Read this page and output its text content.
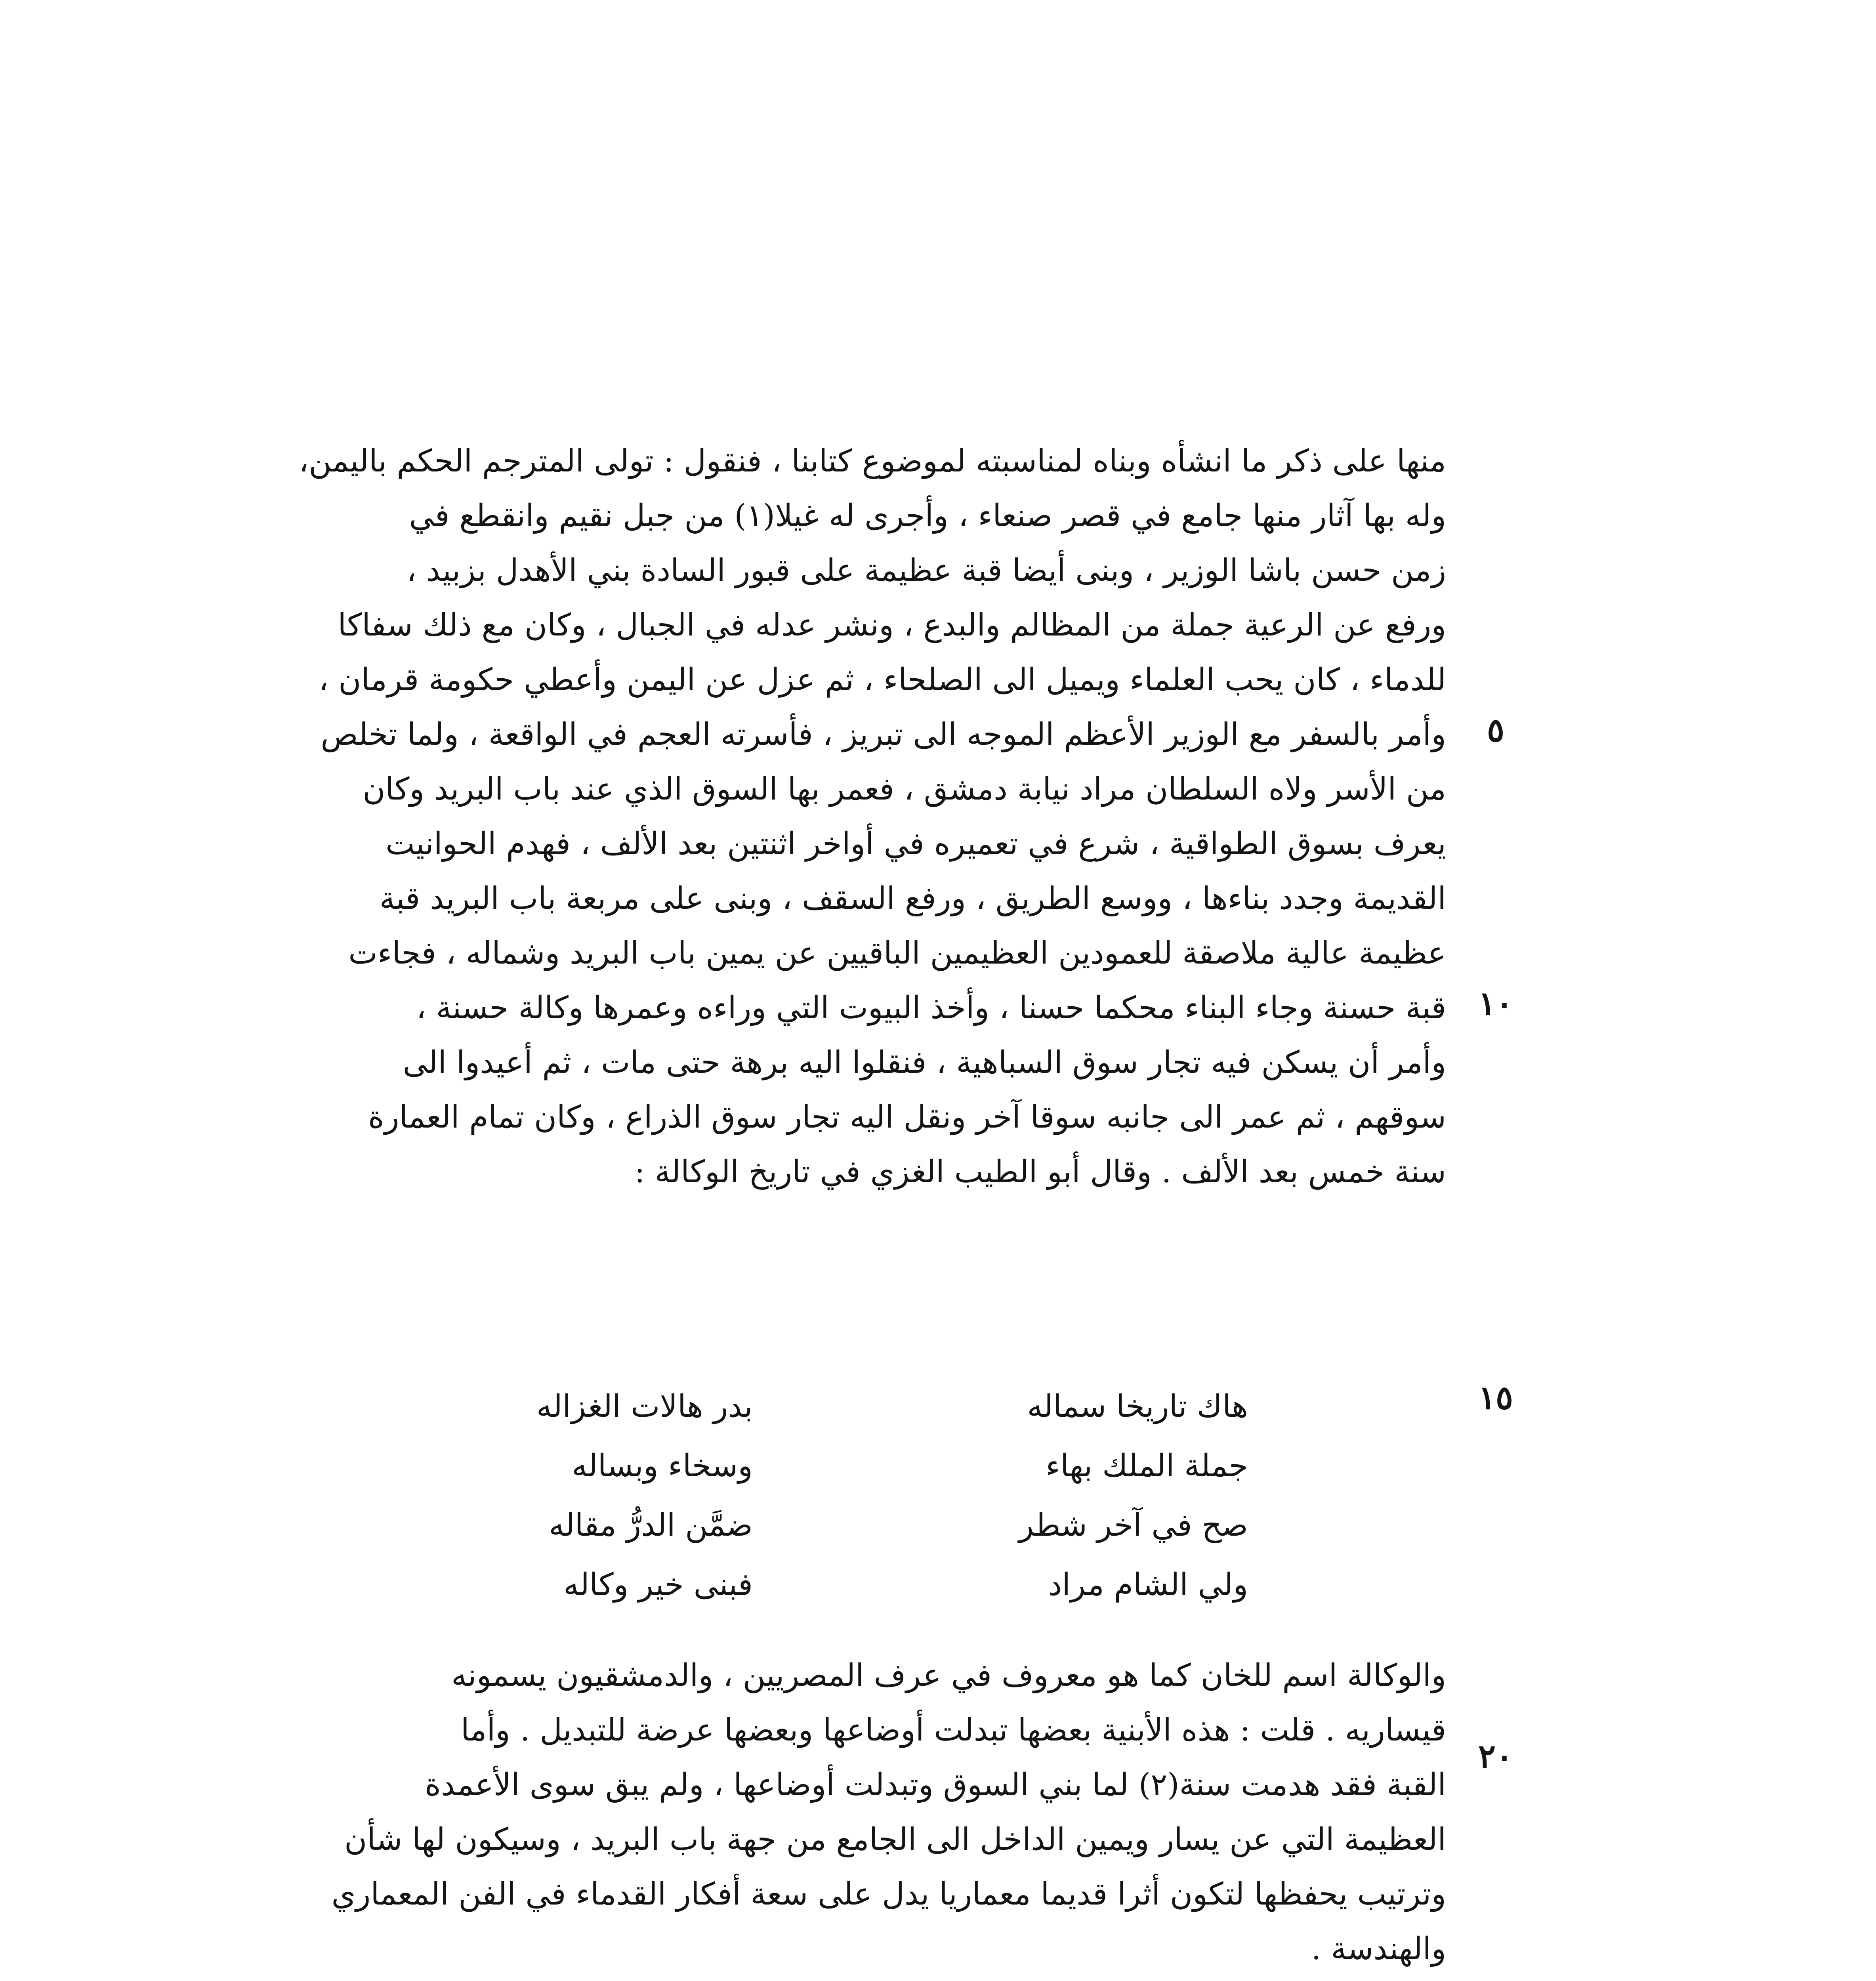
منها على ذكر ما انشأه وبناه لمناسبته لموضوع كتابنا ، فنقول : تولى المترجم الحكم باليمن،
وله بها آثار منها جامع في قصر صنعاء ، وأجرى له غيلا(١) من جبل نقيم وانقطع في
زمن حسن باشا الوزير ، وبنى أيضا قبة عظيمة على قبور السادة بني الأهدل بزبيد ،
ورفع عن الرعية جملة من المظالم والبدع ، ونشر عدله في الجبال ، وكان مع ذلك سفاكا
للدماء ، كان يحب العلماء ويميل الى الصلحاء ، ثم عزل عن اليمن وأعطي حكومة قرمان ،
وأمر بالسفر مع الوزير الأعظم الموجه الى تبريز ، فأسرته العجم في الواقعة ، ولما تخلص
من الأسر ولاه السلطان مراد نيابة دمشق ، فعمر بها السوق الذي عند باب البريد وكان
يعرف بسوق الطواقية ، شرع في تعميره في أواخر اثنتين بعد الألف ، فهدم الحوانيت
القديمة وجدد بناءها ، ووسع الطريق ، ورفع السقف ، وبنى على مربعة باب البريد قبة
عظيمة عالية ملاصقة للعمودين العظيمين الباقيين عن يمين باب البريد وشماله ، فجاءت
قبة حسنة وجاء البناء محكما حسنا ، وأخذ البيوت التي وراءه وعمرها وكالة حسنة ،
وأمر أن يسكن فيه تجار سوق السباهية ، فنقلوا اليه برهة حتى مات ، ثم أعيدوا الى
سوقهم ، ثم عمر الى جانبه سوقا آخر ونقل اليه تجار سوق الذراع ، وكان تمام العمارة
سنة خمس بعد الألف . وقال أبو الطيب الغزي في تاريخ الوكالة :
هاك تاريخا سماله
بدر هالات الغزاله
جملة الملك بهاء
وسخاء وبساله
صح في آخر شطر
ضمَّن الدرُّ مقاله
ولي الشام مراد
فبنى خير وكاله
والوكالة اسم للخان كما هو معروف في عرف المصريين ، والدمشقيون يسمونه
قيساريه . قلت : هذه الأبنية بعضها تبدلت أوضاعها وبعضها عرضة للتبديل . وأما
القبة فقد هدمت سنة(٢) لما بني السوق وتبدلت أوضاعها ، ولم يبق سوى الأعمدة
العظيمة التي عن يسار ويمين الداخل الى الجامع من جهة باب البريد ، وسيكون لها شأن
وترتيب يحفظها لتكون أثرا قديما معماريا يدل على سعة أفكار القدماء في الفن المعماري
والهندسة .
٥
١٠
١٥
٢٠
